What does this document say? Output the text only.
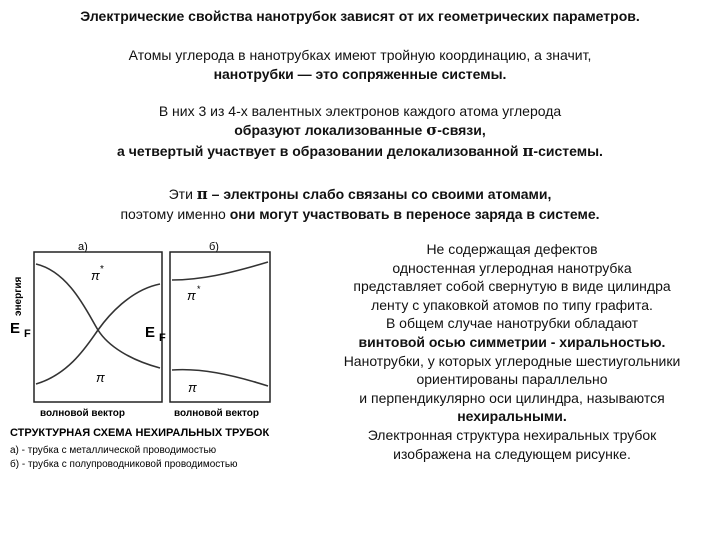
Электрические свойства нанотрубок зависят от их геометрических параметров.
Атомы углерода в нанотрубках имеют тройную координацию, а значит,
нанотрубки — это сопряженные системы.
В них 3 из 4-х валентных электронов каждого атома углерода
образуют локализованные σ-связи,
а четвертый участвует в образовании делокализованной π-системы.
Эти π – электроны слабо связаны со своими атомами,
поэтому именно они могут участвовать в переносе заряда в системе.
а)	б)
энергия
π *
π
π *
π
E F	E F
волновой вектор	волновой вектор
СТРУКТУРНАЯ СХЕМА НЕХИРАЛЬНЫХ ТРУБОК
а) - трубка с металлической проводимостью
б) - трубка с полупроводниковой проводимостью
Не содержащая дефектов
одностенная углеродная нанотрубка
представляет собой свернутую в виде цилиндра
ленту с упаковкой атомов по типу графита.
В общем случае нанотрубки обладают
винтовой осью симметрии - хиральностью.
Нанотрубки, у которых углеродные шестиугольники
ориентированы параллельно
и перпендикулярно оси цилиндра, называются
нехиральными.
Электронная структура нехиральных трубок
изображена на следующем рисунке.
